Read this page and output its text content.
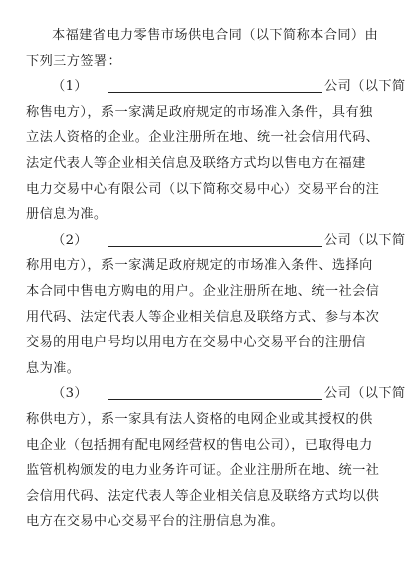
本福建省电力零售市场供电合同（以下简称本合同）由
下列三方签署：
（1）	公司（以下简
称售电方），系一家满足政府规定的市场准入条件，具有独
立法人资格的企业。企业注册所在地、统一社会信用代码、
法定代表人等企业相关信息及联络方式均以售电方在福建
电力交易中心有限公司（以下简称交易中心）交易平台的注
册信息为准。
（2）	公司（以下简
称用电方），系一家满足政府规定的市场准入条件、选择向
本合同中售电方购电的用户。企业注册所在地、统一社会信
用代码、法定代表人等企业相关信息及联络方式、参与本次
交易的用电户号均以用电方在交易中心交易平台的注册信
息为准。
（3）	公司（以下简
称供电方），系一家具有法人资格的电网企业或其授权的供
电企业（包括拥有配电网经营权的售电公司），已取得电力
监管机构颁发的电力业务许可证。企业注册所在地、统一社
会信用代码、法定代表人等企业相关信息及联络方式均以供
电方在交易中心交易平台的注册信息为准。
